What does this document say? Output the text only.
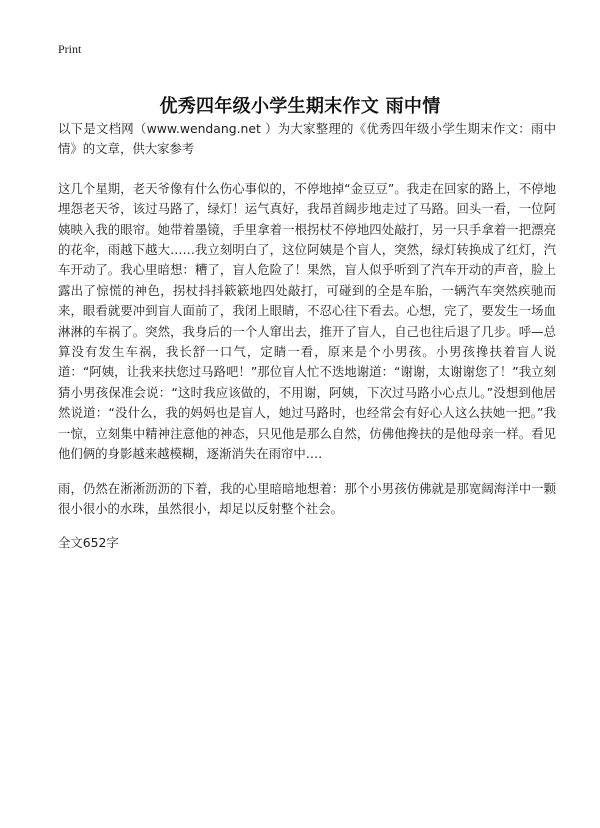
Print
优秀四年级小学生期末作文 雨中情

以下是文档网（www.wendang.net ）为大家整理的《优秀四年级小学生期末作文：雨中情》的文章，供大家参考

这几个星期，老天爷像有什么伤心事似的，不停地掉“金豆豆”。我走在回家的路上，不停地埋怨老天爷，该过马路了，绿灯！运气真好，我昂首阔步地走过了马路。回头一看，一位阿姨映入我的眼帘。她带着墨镜，手里拿着一根拐杖不停地四处敲打，另一只手拿着一把漂亮的花伞，雨越下越大……我立刻明白了，这位阿姨是个盲人，突然，绿灯转换成了红灯，汽车开动了。我心里暗想：糟了，盲人危险了！果然，盲人似乎听到了汽车开动的声音，脸上露出了惊慌的神色，拐杖抖抖簌簌地四处敲打，可碰到的全是车胎，一辆汽车突然疾驰而来，眼看就要冲到盲人面前了，我闭上眼睛，不忍心往下看去。心想，完了，要发生一场血淋淋的车祸了。突然，我身后的一个人窜出去，推开了盲人，自己也往后退了几步。呼—总算没有发生车祸，我长舒一口气，定睛一看，原来是个小男孩。小男孩搀扶着盲人说道：“阿姨，让我来扶您过马路吧！”那位盲人忙不迭地谢道：“谢谢，太谢谢您了！”我立刻猜小男孩保准会说：“这时我应该做的，不用谢，阿姨，下次过马路小心点儿。”没想到他居然说道：“没什么，我的妈妈也是盲人，她过马路时，也经常会有好心人这么扶她一把。”我一惊，立刻集中精神注意他的神态，只见他是那么自然，仿佛他搀扶的是他母亲一样。看见他们俩的身影越来越模糊，逐渐消失在雨帘中….

雨，仍然在淅淅沥沥的下着，我的心里暗暗地想着：那个小男孩仿佛就是那宽阔海洋中一颗很小很小的水珠，虽然很小，却足以反射整个社会。

全文652字
